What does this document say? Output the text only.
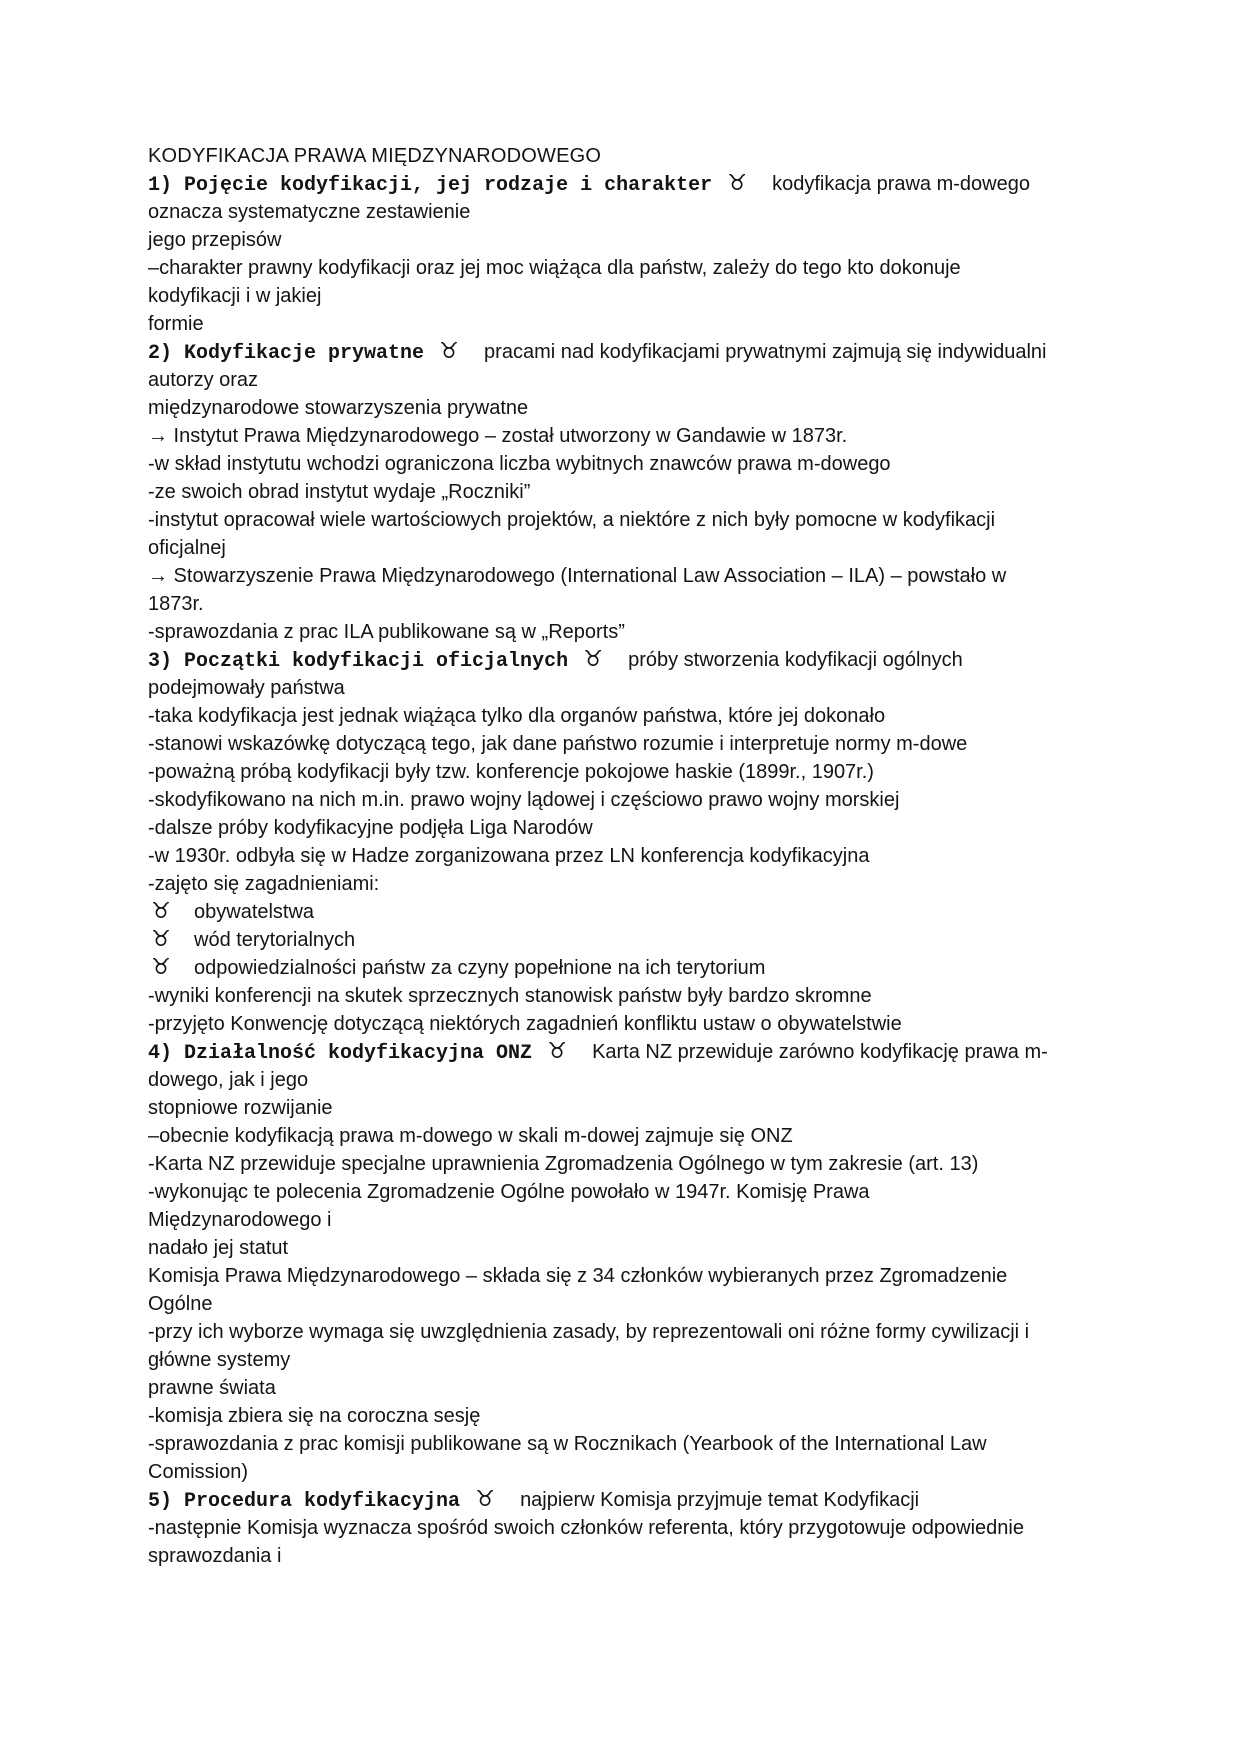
KODYFIKACJA PRAWA MIĘDZYNARODOWEGO
1) Pojęcie kodyfikacji, jej rodzaje i charakter ♉ kodyfikacja prawa m-dowego
oznacza systematyczne zestawienie
jego przepisów
–charakter prawny kodyfikacji oraz jej moc wiążąca dla państw, zależy do tego kto dokonuje
kodyfikacji i w jakiej
formie
2) Kodyfikacje prywatne ♉ pracami nad kodyfikacjami prywatnymi zajmują się indywidualni
autorzy oraz
międzynarodowe stowarzyszenia prywatne
→ Instytut Prawa Międzynarodowego – został utworzony w Gandawie w 1873r.
-w skład instytutu wchodzi ograniczona liczba wybitnych znawców prawa m-dowego
-ze swoich obrad instytut wydaje „Roczniki”
-instytut opracował wiele wartościowych projektów, a niektóre z nich były pomocne w kodyfikacji
oficjalnej
→ Stowarzyszenie Prawa Międzynarodowego (International Law Association – ILA) – powstało w
1873r.
-sprawozdania z prac ILA publikowane są w „Reports”
3) Początki kodyfikacji oficjalnych ♉ próby stworzenia kodyfikacji ogólnych
podejmowały państwa
-taka kodyfikacja jest jednak wiążąca tylko dla organów państwa, które jej dokonało
-stanowi wskazówkę dotyczącą tego, jak dane państwo rozumie i interpretuje normy m-dowe
-poważną próbą kodyfikacji były tzw. konferencje pokojowe haskie (1899r., 1907r.)
-skodyfikowano na nich m.in. prawo wojny lądowej i częściowo prawo wojny morskiej
-dalsze próby kodyfikacyjne podjęła Liga Narodów
-w 1930r. odbyła się w Hadze zorganizowana przez LN konferencja kodyfikacyjna
-zajęto się zagadnieniami:
♉ obywatelstwa
♉ wód terytorialnych
♉ odpowiedzialności państw za czyny popełnione na ich terytorium
-wyniki konferencji na skutek sprzecznych stanowisk państw były bardzo skromne
-przyjęto Konwencję dotyczącą niektórych zagadnień konfliktu ustaw o obywatelstwie
4) Działalność kodyfikacyjna ONZ ♉ Karta NZ przewiduje zarówno kodyfikację prawa m-
dowego, jak i jego
stopniowe rozwijanie
–obecnie kodyfikacją prawa m-dowego w skali m-dowej zajmuje się ONZ
-Karta NZ przewiduje specjalne uprawnienia Zgromadzenia Ogólnego w tym zakresie (art. 13)
-wykonując te polecenia Zgromadzenie Ogólne powołało w 1947r. Komisję Prawa
Międzynarodowego i
nadało jej statut
Komisja Prawa Międzynarodowego – składa się z 34 członków wybieranych przez Zgromadzenie
Ogólne
-przy ich wyborze wymaga się uwzględnienia zasady, by reprezentowali oni różne formy cywilizacji i
główne systemy
prawne świata
-komisja zbiera się na coroczna sesję
-sprawozdania z prac komisji publikowane są w Rocznikach (Yearbook of the International Law
Comission)
5) Procedura kodyfikacyjna ♉ najpierw Komisja przyjmuje temat Kodyfikacji
-następnie Komisja wyznacza spośród swoich członków referenta, który przygotowuje odpowiednie
sprawozdania i
